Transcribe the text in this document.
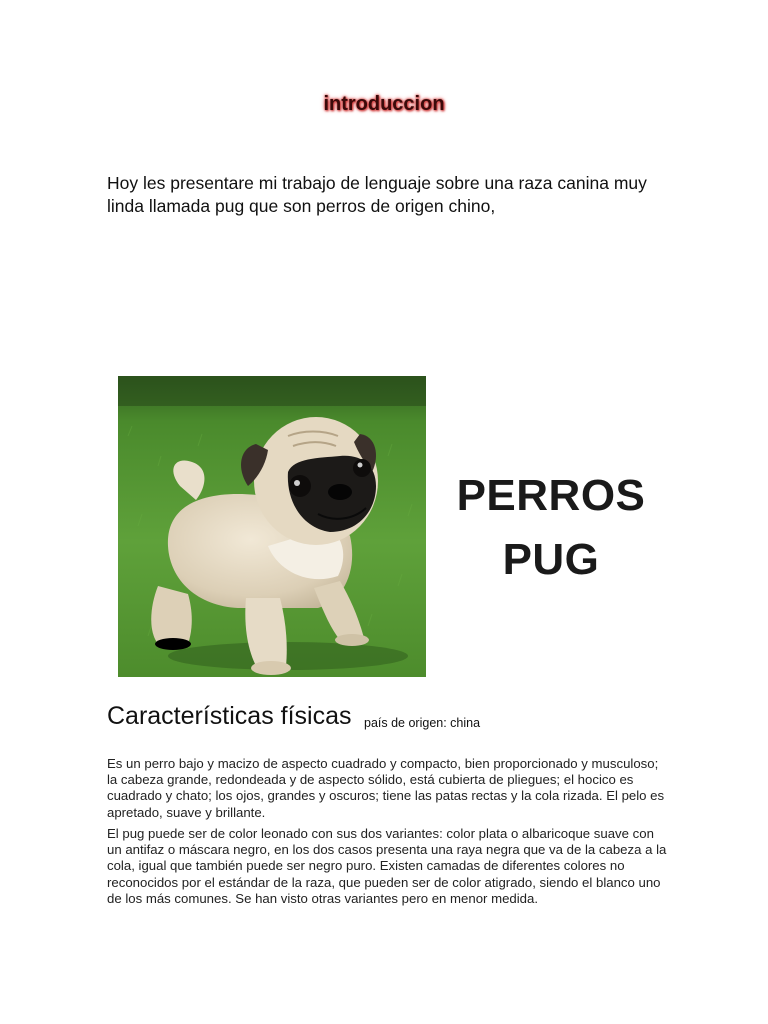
introduccion
Hoy les presentare mi trabajo de lenguaje sobre una raza canina muy linda llamada pug que son perros de origen chino,
PERROS
PUG
Características físicas país de origen: china
Es un perro bajo y macizo de aspecto cuadrado y compacto, bien proporcionado y musculoso; la cabeza grande, redondeada y de aspecto sólido, está cubierta de pliegues; el hocico es cuadrado y chato; los ojos, grandes y oscuros; tiene las patas rectas y la cola rizada. El pelo es apretado, suave y brillante.
El pug puede ser de color leonado con sus dos variantes: color plata o albaricoque suave con un antifaz o máscara negro, en los dos casos presenta una raya negra que va de la cabeza a la cola, igual que también puede ser negro puro. Existen camadas de diferentes colores no reconocidos por el estándar de la raza, que pueden ser de color atigrado, siendo el blanco uno de los más comunes. Se han visto otras variantes pero en menor medida.
